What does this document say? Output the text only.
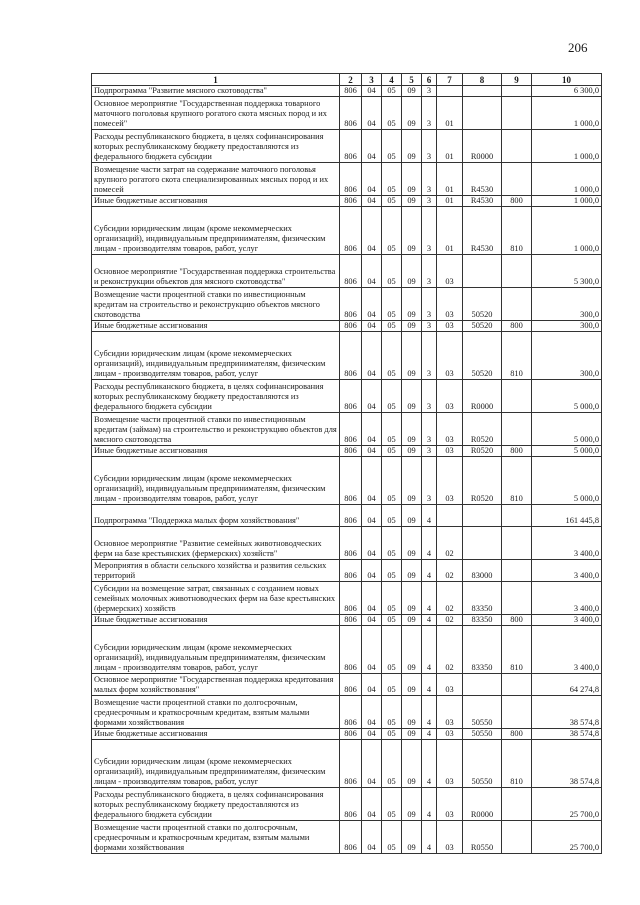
206
1	2	3	4	5	6	7	8	9	10
Подпрограмма "Развитие мясного скотоводства"	806	04	05	09	3				6 300,0
Основное мероприятие "Государственная поддержка товарного маточного поголовья крупного рогатого скота мясных пород и их помесей"	806	04	05	09	3	01			1 000,0
Расходы республиканского бюджета, в целях софинансирования которых республиканскому бюджету предоставляются из федерального бюджета субсидии	806	04	05	09	3	01	R0000		1 000,0
Возмещение части затрат на содержание маточного поголовья крупного рогатого скота специализированных мясных пород и их помесей	806	04	05	09	3	01	R4530		1 000,0
Иные бюджетные ассигнования	806	04	05	09	3	01	R4530	800	1 000,0
Субсидии юридическим лицам (кроме некоммерческих организаций), индивидуальным предпринимателям, физическим лицам - производителям товаров, работ, услуг	806	04	05	09	3	01	R4530	810	1 000,0
Основное мероприятие "Государственная поддержка строительства и реконструкции объектов для мясного скотоводства"	806	04	05	09	3	03			5 300,0
Возмещение части процентной ставки по инвестиционным кредитам на строительство и реконструкцию объектов мясного скотоводства	806	04	05	09	3	03	50520		300,0
Иные бюджетные ассигнования	806	04	05	09	3	03	50520	800	300,0
Субсидии юридическим лицам (кроме некоммерческих организаций), индивидуальным предпринимателям, физическим лицам - производителям товаров, работ, услуг	806	04	05	09	3	03	50520	810	300,0
Расходы республиканского бюджета, в целях софинансирования которых республиканскому бюджету предоставляются из федерального бюджета субсидии	806	04	05	09	3	03	R0000		5 000,0
Возмещение части процентной ставки по инвестиционным кредитам (займам) на строительство и реконструкцию объектов для мясного скотоводства	806	04	05	09	3	03	R0520		5 000,0
Иные бюджетные ассигнования	806	04	05	09	3	03	R0520	800	5 000,0
Субсидии юридическим лицам (кроме некоммерческих организаций), индивидуальным предпринимателям, физическим лицам - производителям товаров, работ, услуг	806	04	05	09	3	03	R0520	810	5 000,0
Подпрограмма "Поддержка малых форм хозяйствования"	806	04	05	09	4				161 445,8
Основное мероприятие "Развитие семейных животноводческих ферм на базе крестьянских (фермерских) хозяйств"	806	04	05	09	4	02			3 400,0
Мероприятия в области сельского хозяйства и развития сельских территорий	806	04	05	09	4	02	83000		3 400,0
Субсидии на возмещение затрат, связанных с созданием новых семейных молочных животноводческих ферм на базе крестьянских (фермерских) хозяйств	806	04	05	09	4	02	83350		3 400,0
Иные бюджетные ассигнования	806	04	05	09	4	02	83350	800	3 400,0
Субсидии юридическим лицам (кроме некоммерческих организаций), индивидуальным предпринимателям, физическим лицам - производителям товаров, работ, услуг	806	04	05	09	4	02	83350	810	3 400,0
Основное мероприятие "Государственная поддержка кредитования малых форм хозяйствования"	806	04	05	09	4	03			64 274,8
Возмещение части процентной ставки по долгосрочным, среднесрочным и краткосрочным кредитам, взятым малыми формами хозяйствования	806	04	05	09	4	03	50550		38 574,8
Иные бюджетные ассигнования	806	04	05	09	4	03	50550	800	38 574,8
Субсидии юридическим лицам (кроме некоммерческих организаций), индивидуальным предпринимателям, физическим лицам - производителям товаров, работ, услуг	806	04	05	09	4	03	50550	810	38 574,8
Расходы республиканского бюджета, в целях софинансирования которых республиканскому бюджету предоставляются из федерального бюджета субсидии	806	04	05	09	4	03	R0000		25 700,0
Возмещение части процентной ставки по долгосрочным, среднесрочным и краткосрочным кредитам, взятым малыми формами хозяйствования	806	04	05	09	4	03	R0550		25 700,0
